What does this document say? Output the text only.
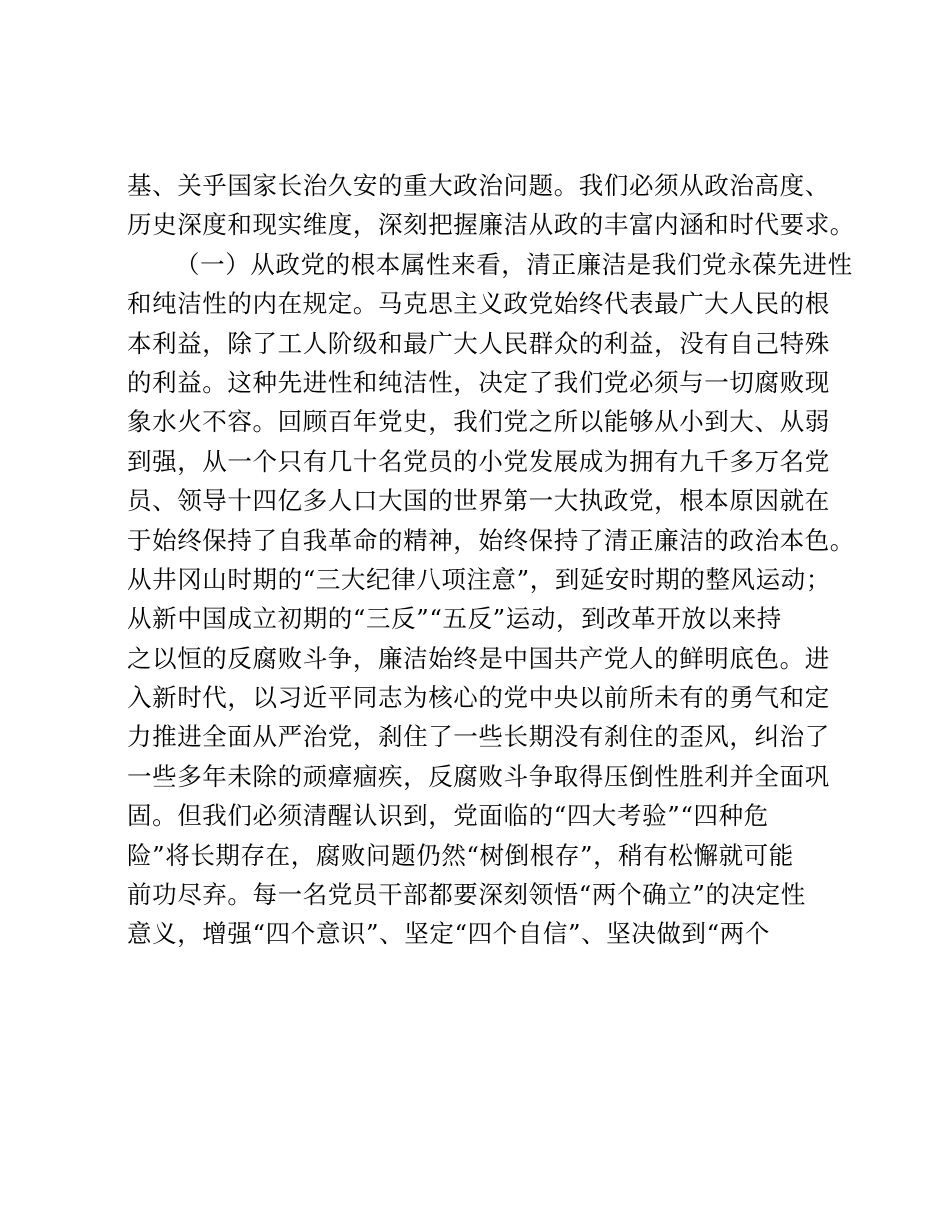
基、关乎国家长治久安的重大政治问题。我们必须从政治高度、
历史深度和现实维度，深刻把握廉洁从政的丰富内涵和时代要求。
（一）从政党的根本属性来看，清正廉洁是我们党永葆先进性
和纯洁性的内在规定。马克思主义政党始终代表最广大人民的根
本利益，除了工人阶级和最广大人民群众的利益，没有自己特殊
的利益。这种先进性和纯洁性，决定了我们党必须与一切腐败现
象水火不容。回顾百年党史，我们党之所以能够从小到大、从弱
到强，从一个只有几十名党员的小党发展成为拥有九千多万名党
员、领导十四亿多人口大国的世界第一大执政党，根本原因就在
于始终保持了自我革命的精神，始终保持了清正廉洁的政治本色。
从井冈山时期的“三大纪律八项注意”，到延安时期的整风运动；
从新中国成立初期的“三反”“五反”运动，到改革开放以来持
之以恒的反腐败斗争，廉洁始终是中国共产党人的鲜明底色。进
入新时代，以习近平同志为核心的党中央以前所未有的勇气和定
力推进全面从严治党，刹住了一些长期没有刹住的歪风，纠治了
一些多年未除的顽瘴痼疾，反腐败斗争取得压倒性胜利并全面巩
固。但我们必须清醒认识到，党面临的“四大考验”“四种危
险”将长期存在，腐败问题仍然“树倒根存”，稍有松懈就可能
前功尽弃。每一名党员干部都要深刻领悟“两个确立”的决定性
意义，增强“四个意识”、坚定“四个自信”、坚决做到“两个
